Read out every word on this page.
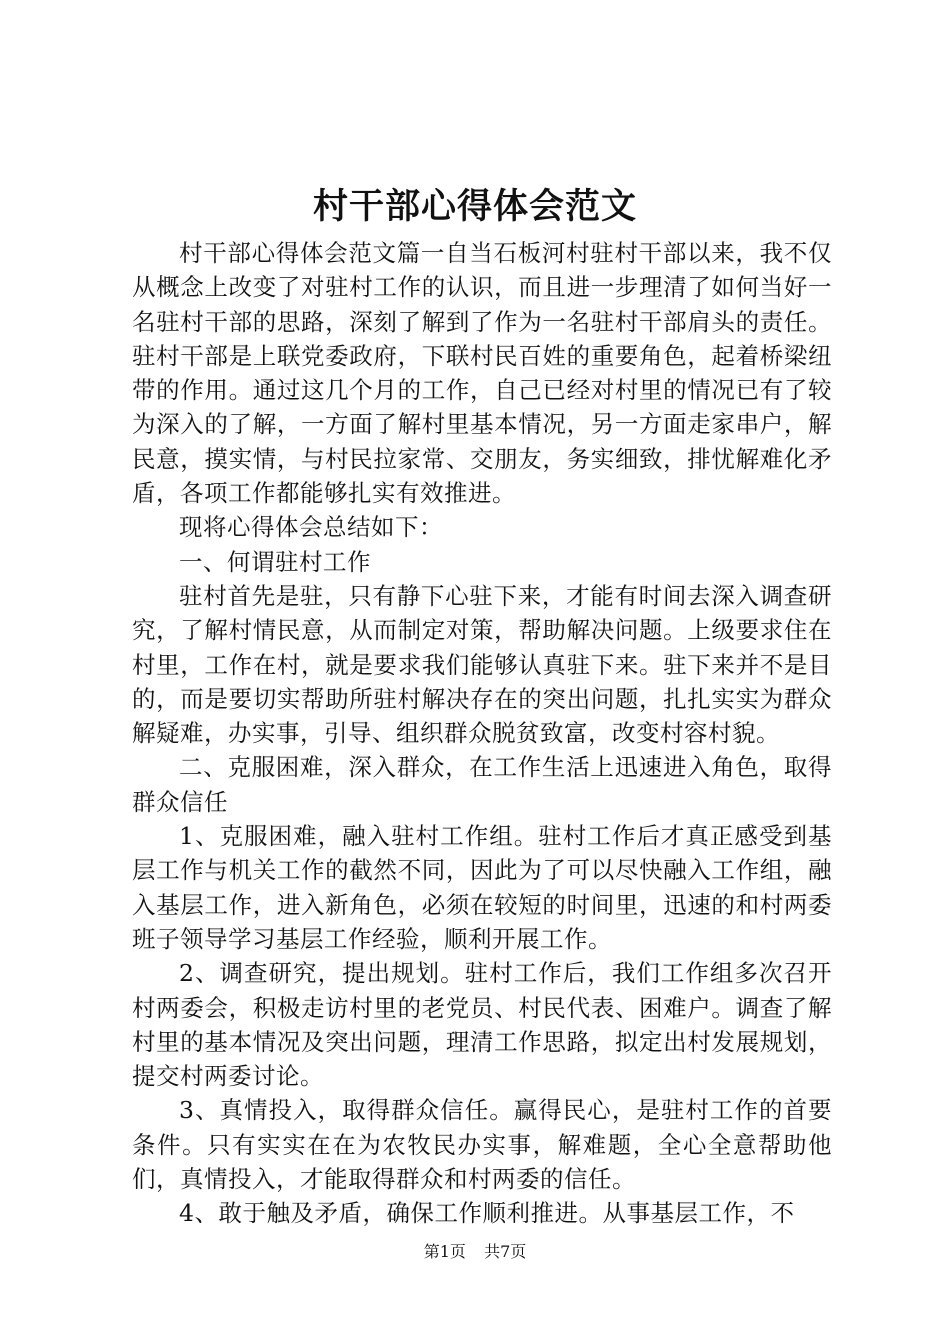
村干部心得体会范文

村干部心得体会范文篇一自当石板河村驻村干部以来，我不仅从概念上改变了对驻村工作的认识，而且进一步理清了如何当好一名驻村干部的思路，深刻了解到了作为一名驻村干部肩头的责任。驻村干部是上联党委政府，下联村民百姓的重要角色，起着桥梁纽带的作用。通过这几个月的工作，自己已经对村里的情况已有了较为深入的了解，一方面了解村里基本情况，另一方面走家串户，解民意，摸实情，与村民拉家常、交朋友，务实细致，排忧解难化矛盾，各项工作都能够扎实有效推进。

现将心得体会总结如下：

一、何谓驻村工作

驻村首先是驻，只有静下心驻下来，才能有时间去深入调查研究，了解村情民意，从而制定对策，帮助解决问题。上级要求住在村里，工作在村，就是要求我们能够认真驻下来。驻下来并不是目的，而是要切实帮助所驻村解决存在的突出问题，扎扎实实为群众解疑难，办实事，引导、组织群众脱贫致富，改变村容村貌。

二、克服困难，深入群众，在工作生活上迅速进入角色，取得群众信任

1、克服困难，融入驻村工作组。驻村工作后才真正感受到基层工作与机关工作的截然不同，因此为了可以尽快融入工作组，融入基层工作，进入新角色，必须在较短的时间里，迅速的和村两委班子领导学习基层工作经验，顺利开展工作。

2、调查研究，提出规划。驻村工作后，我们工作组多次召开村两委会，积极走访村里的老党员、村民代表、困难户。调查了解村里的基本情况及突出问题，理清工作思路，拟定出村发展规划，提交村两委讨论。

3、真情投入，取得群众信任。赢得民心，是驻村工作的首要条件。只有实实在在为农牧民办实事，解难题，全心全意帮助他们，真情投入，才能取得群众和村两委的信任。

4、敢于触及矛盾，确保工作顺利推进。从事基层工作，不

第1页 共7页
